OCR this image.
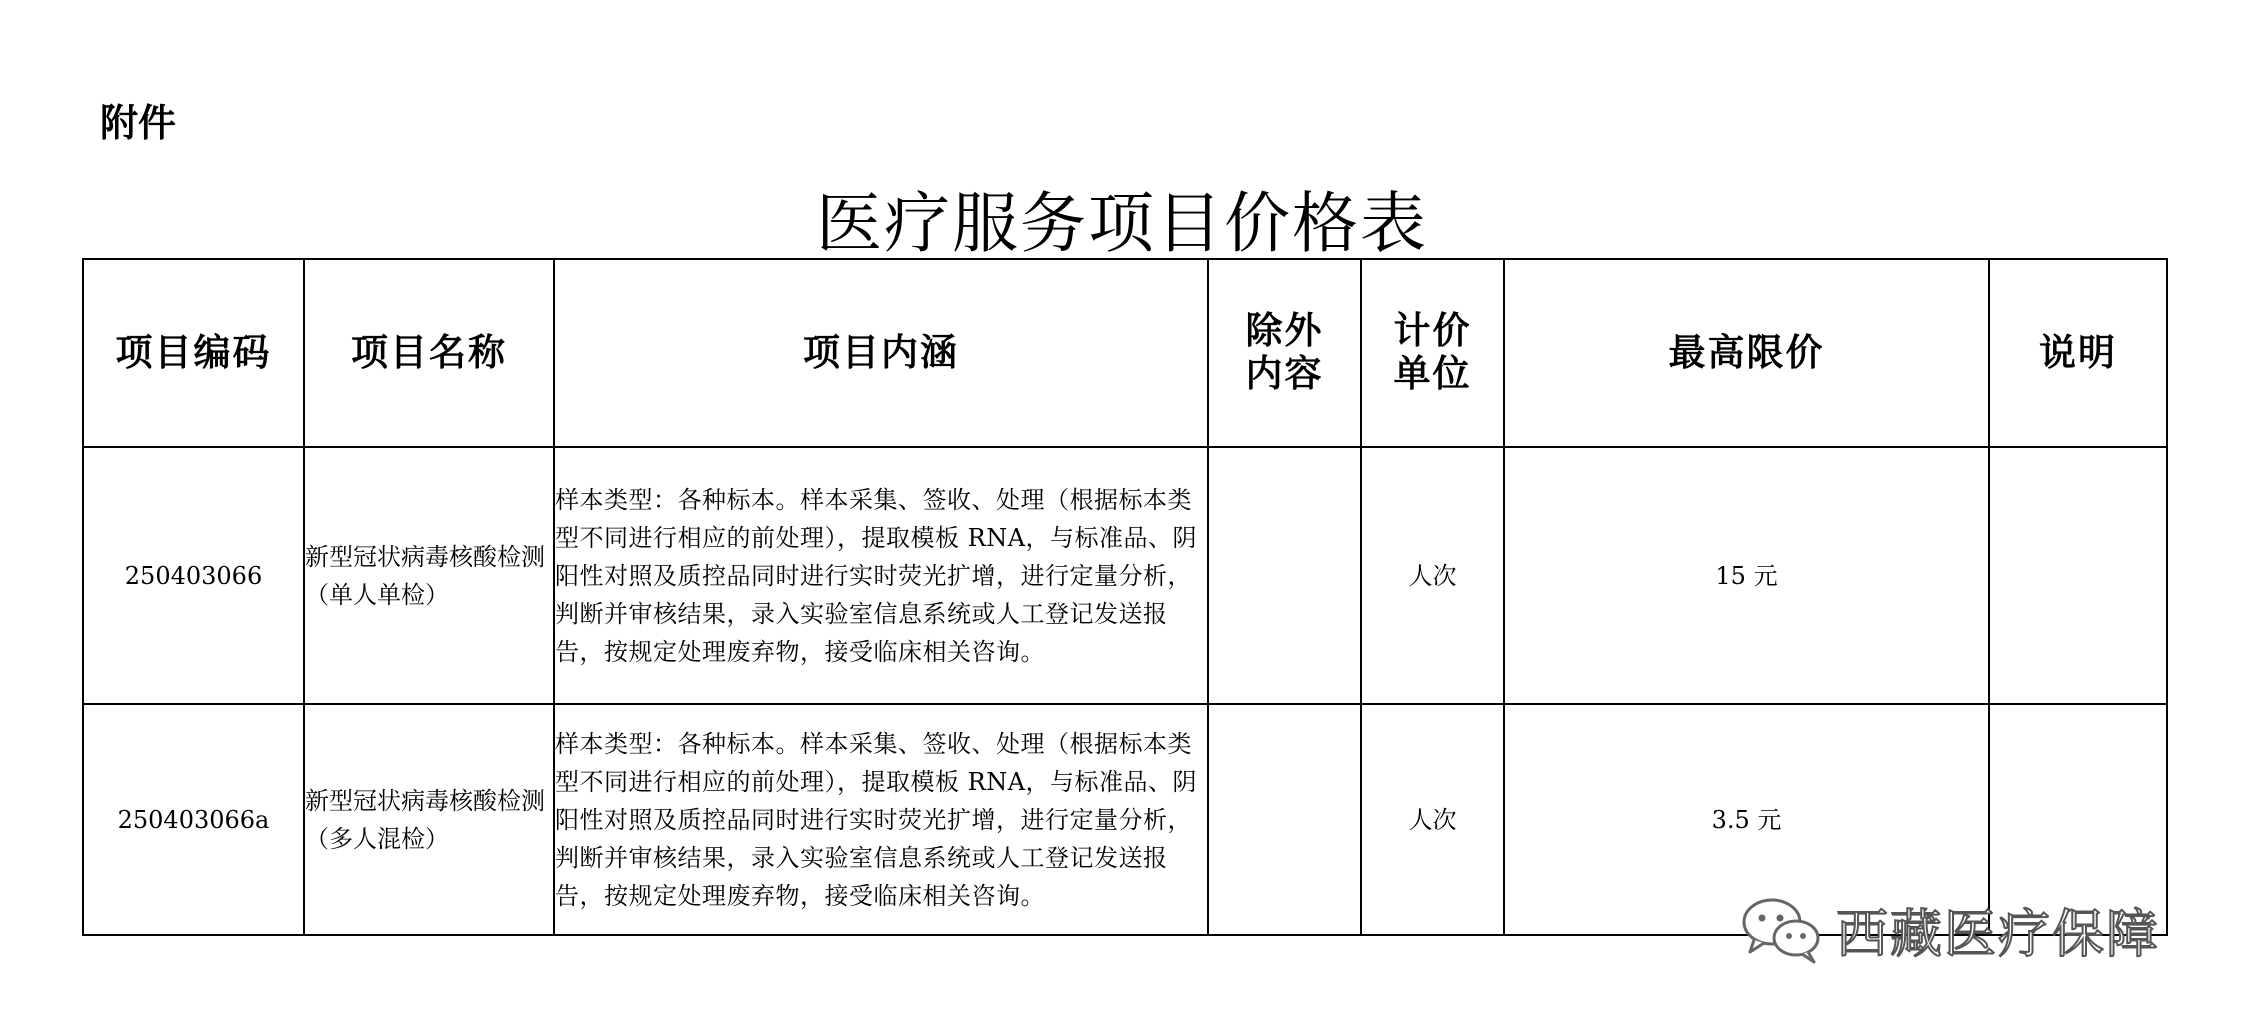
附件
医疗服务项目价格表
项目编码	项目名称	项目内涵	除外内容	计价单位	最高限价	说明
250403066	新型冠状病毒核酸检测（单人单检）	样本类型：各种标本。样本采集、签收、处理（根据标本类型不同进行相应的前处理），提取模板 RNA，与标准品、阴阳性对照及质控品同时进行实时荧光扩增，进行定量分析，判断并审核结果，录入实验室信息系统或人工登记发送报告，按规定处理废弃物，接受临床相关咨询。		人次	15 元	
250403066a	新型冠状病毒核酸检测（多人混检）	样本类型：各种标本。样本采集、签收、处理（根据标本类型不同进行相应的前处理），提取模板 RNA，与标准品、阴阳性对照及质控品同时进行实时荧光扩增，进行定量分析，判断并审核结果，录入实验室信息系统或人工登记发送报告，按规定处理废弃物，接受临床相关咨询。		人次	3.5 元	
西藏医疗保障
